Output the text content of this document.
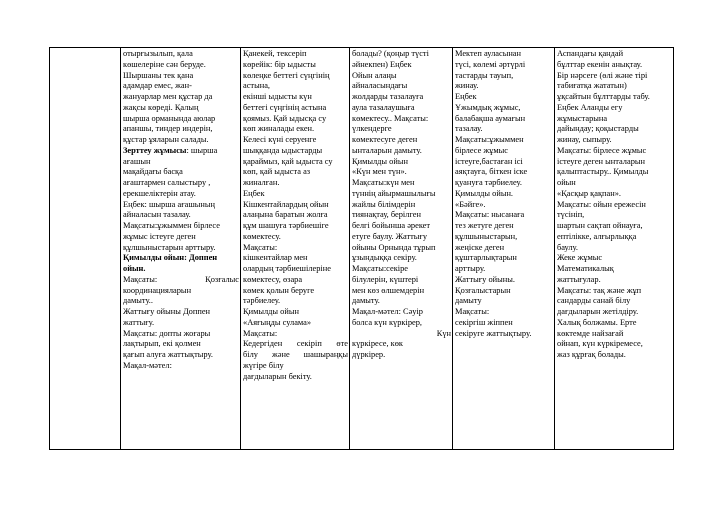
отырғызылып, қала

көшелеріне сән беруде.

Шыршаны тек қана

адамдар емес, жан-

жануарлар мен құстар да

жақсы көреді. Қалың

шырша орманында аюлар

апаншы, тиндер индерін,

құстар ұяларын салады.

Зерттеу жұмысы: шырша

ағашын

мақайдағы басқа

ағаштармен салыстыру ,

ерекшеліктерін атау.

Еңбек: шырша ағашының

айналасын тазалау.

Мақсаты:ұжыммен бірлесе

жұмыс істеуге деген

құлшыныстарын арттыру.

Қимылды ойын: Доппен

ойын.

Мақсаты:	Қозғалыс

координацияларын

дамыту..

Жаттығу ойыны Доппен

жаттығу.

Мақсаты: допты жоғары

лақтырып, екі қолмен

қағып алуға жаттықтыру.

Мақал-мәтел:

Қанекей, тексеріп

көрейік: бір ыдысты

көлеңке беттегі сүңгінің

астына,

екінші ыдысты күн

беттегі сүңгінің астына

қоямыз. Қай ыдысқа су

көп жиналады екен.

Келесі күні серуенге

шыққанда ыдыстарды

қараймыз, қай ыдыста су

көп, қай ыдыста аз

жиналған.

Еңбек

Кішкентайлардың ойын

алаңына баратын жолға

құм шашуға тәрбиешіге

көмектесу.

Мақсаты:

кішкентайлар мен

олардың тәрбиешілеріне

көмектесу, өзара

көмек қолын беруге

тәрбиелеу.

Қимылды ойын

«Аяғыңды сулама»

Мақсаты:

Кедергіден секіріп өте

білу және шашыраңқы

жүгіре білу

дағдыларын бекіту.

болады? (қоңыр түсті

әйнекпен) Еңбек

Ойын алаңы

айналасындағы

жолдарды тазалауға

аула тазалаушыға

көмектесу.. Мақсаты:

үлкендерге

көмектесуге деген

ынталарын дамыту.

Қимылды ойын

«Күн мен түн».

Мақсаты:күн мен

түннің айырмашылығы

жайлы білімдерін

тиянақтау, берілген

белгі бойынша әрекет

етуге баулу. Жаттығу

ойыны Орнында тұрып

ұзындыққа секіру.

Мақсаты:секіре

білулерін, күштері

мен көз өлшемдерін

дамыту.

Мақал-мәтел: Сәуір

болса күн күркірер,

Күн

күркіресе, көк

дүркірер.

Мектеп ауласынан

түсі, көлемі әртүрлі

тастарды тауып,

жинау.

Еңбек

Ұжымдық жұмыс,

балабақша аумағын

тазалау.

Мақсаты:ұжыммен

бірлесе жұмыс

істеуге,бастаған ісі

аяқтауға, біткен іске

қуануға тәрбиелеу.

Қимылды ойын.

«Бәйге».

Мақсаты: нысанаға

тез жетуге деген

құлшыныстарын,

жеңіске деген

құштарлықтарын

арттыру.

Жаттығу ойыны.

Қозғалыстарын

дамыту

Мақсаты:

секіргіш жіппен

секіруге жаттықтыру.

Аспандағы қандай

бұлттар екенін анықтау.

Бір нәрсеге (өлі және тірі

табиғатқа жататын)

ұқсайтын бұлттарды табу.

Еңбек Аланды егу

жұмыстарына

дайындау; қоқыстарды

жинау, сыпыру.

Мақсаты: бірлесе жұмыс

істеуге деген ынталарын

қалыптастыру.. Қимылды

ойын

«Қасқыр қақпан».

Мақсаты: ойын ережесін

түсініп,

шартын сақтап ойнауға,

ептілікке, алғырлыққа

баулу.

Жеке жұмыс

Математикалық

жаттығулар.

Мақсаты: тақ және жұп

сандарды санай білу

дағдыларын жетілдіру.

Халық болжамы. Ерте

көктемде найзағай

ойнап, күн күркіремесе,

жаз құрғақ болады.
